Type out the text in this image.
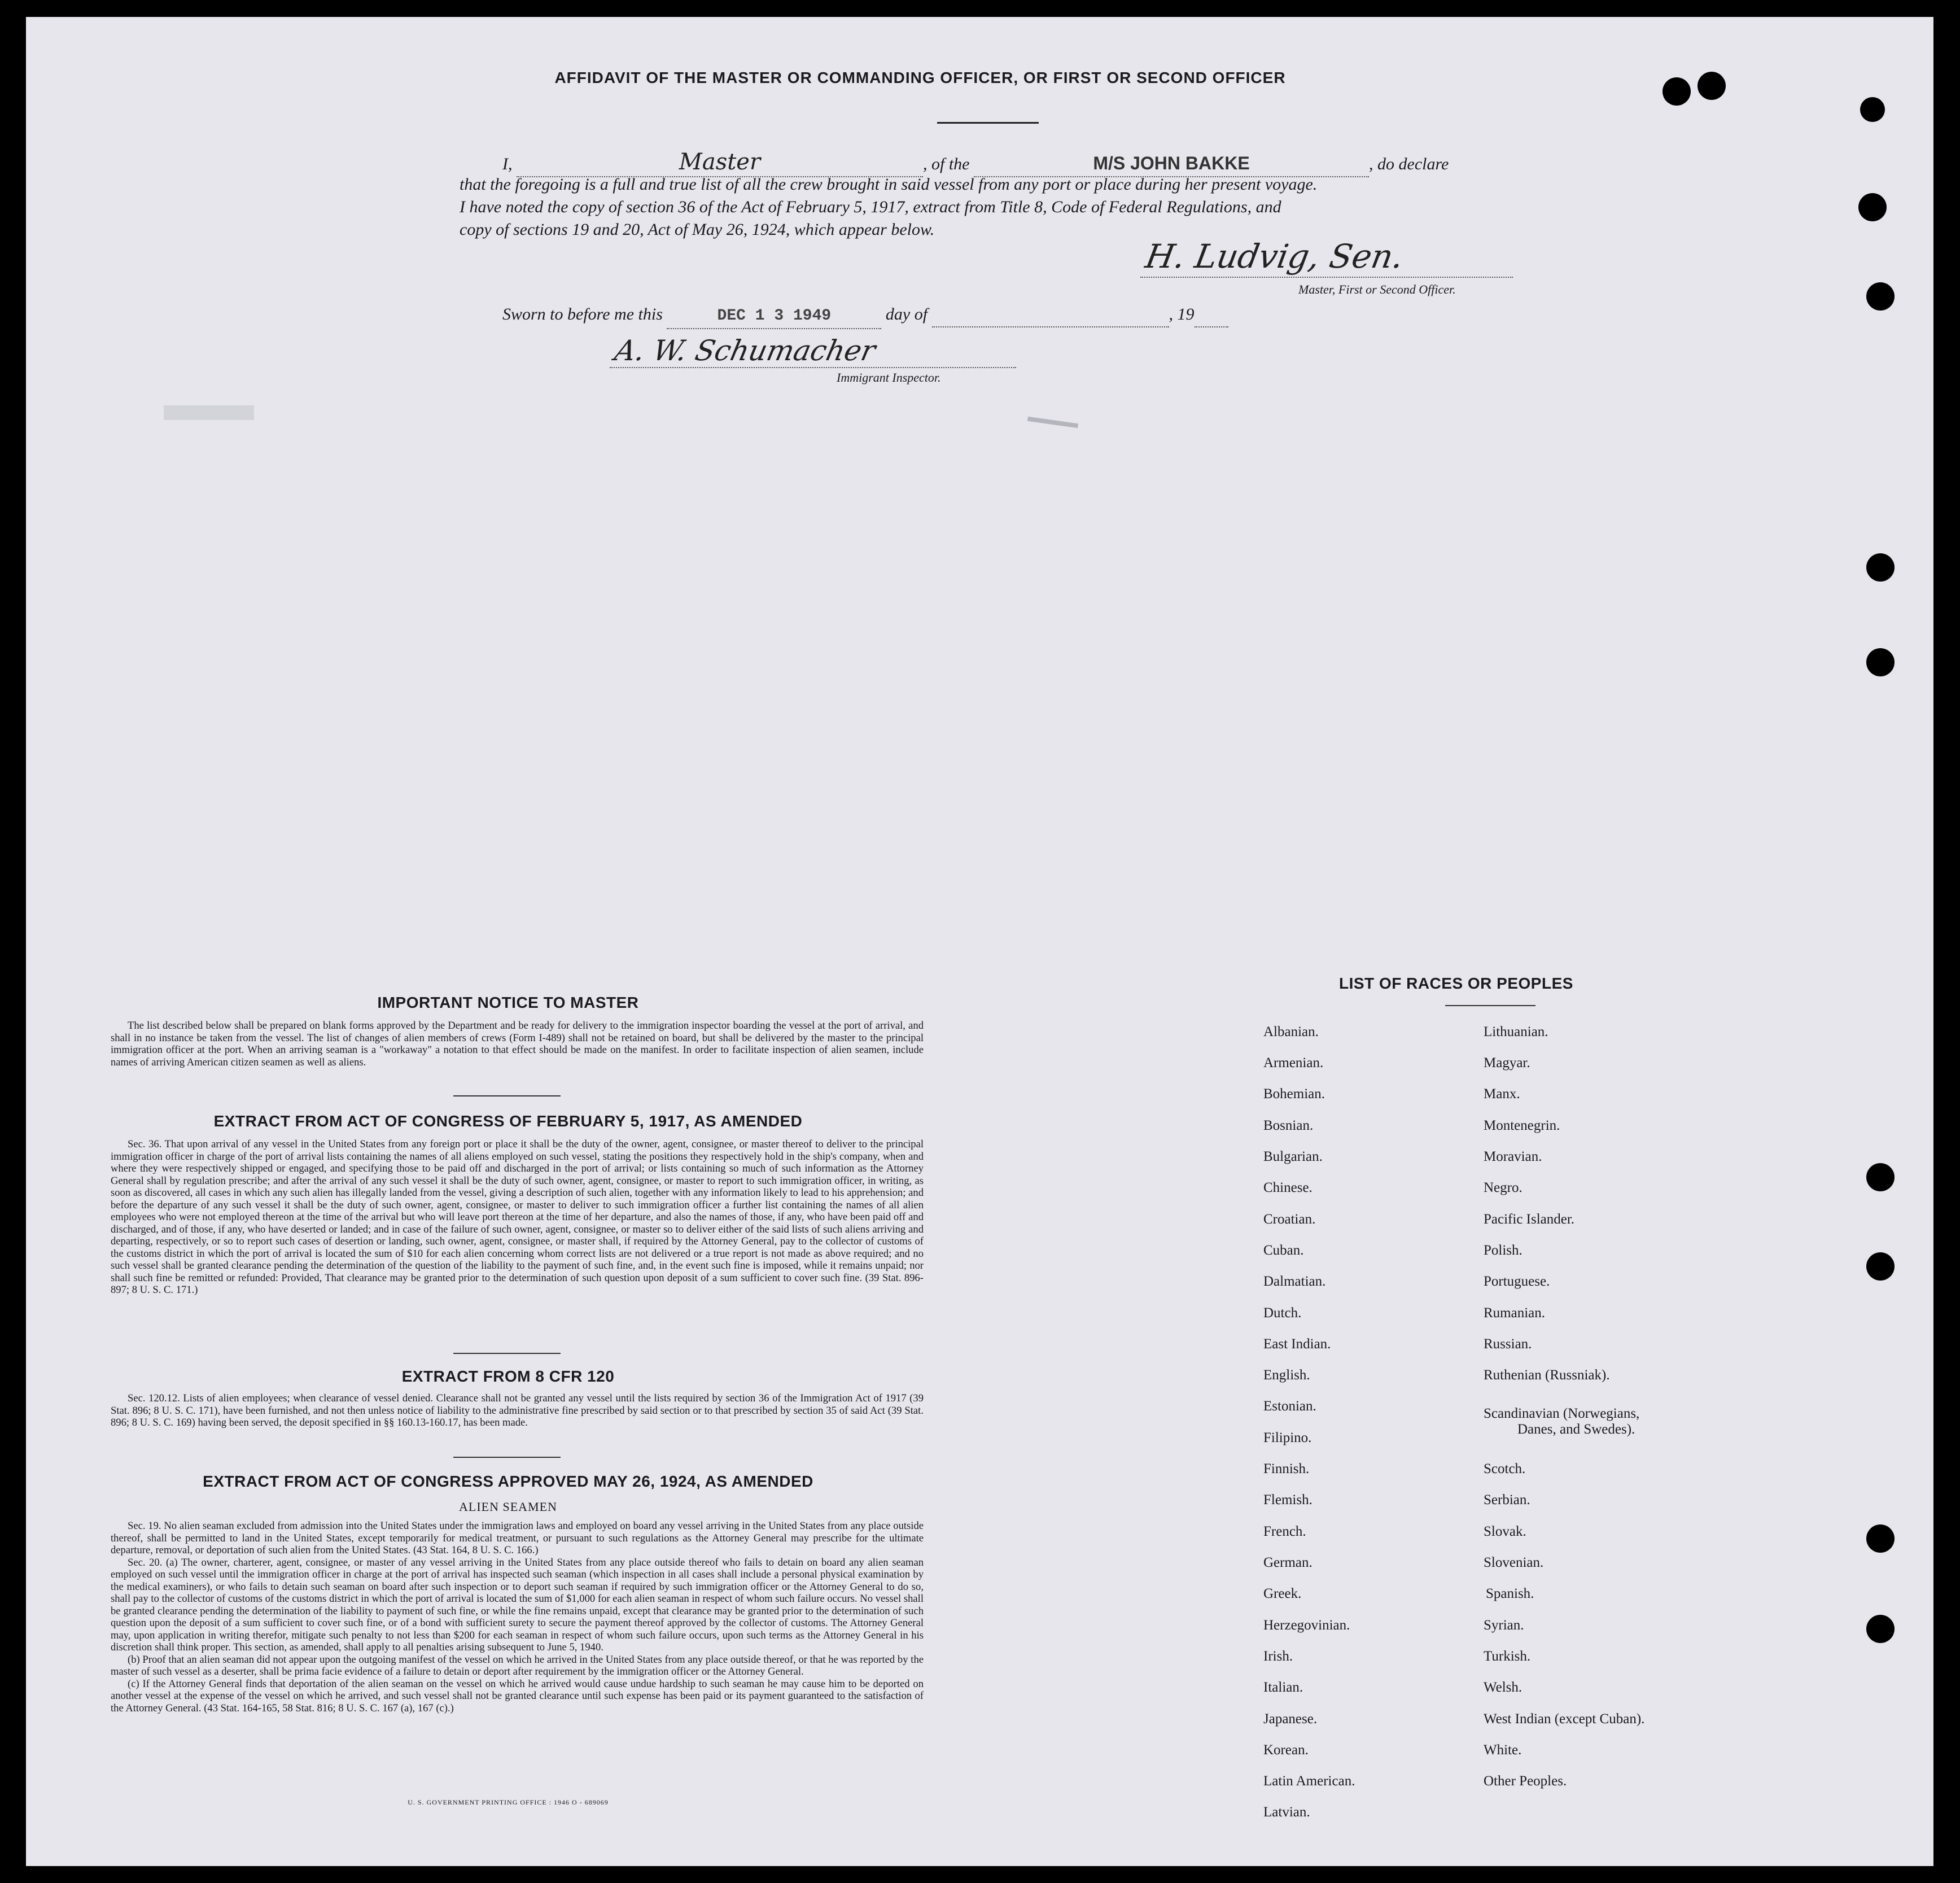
AFFIDAVIT OF THE MASTER OR COMMANDING OFFICER, OR FIRST OR SECOND OFFICER
I,	Master	, of the	M/S JOHN BAKKE	, do declare
that the foregoing is a full and true list of all the crew brought in said vessel from any port or place during her present voyage.
I have noted the copy of section 36 of the Act of February 5, 1917, extract from Title 8, Code of Federal Regulations, and
copy of sections 19 and 20, Act of May 26, 1924, which appear below.
H. Ludvig, Sen.
Master, First or Second Officer.
Sworn to before me this	DEC 1 3 1949	day of	, 19
A. W. Schumacher
Immigrant Inspector.
IMPORTANT NOTICE TO MASTER

The list described below shall be prepared on blank forms approved by the Department and be ready for delivery to the immigration inspector boarding the vessel at the port of arrival, and shall in no instance be taken from the vessel. The list of changes of alien members of crews (Form I-489) shall not be retained on board, but shall be delivered by the master to the principal immigration officer at the port. When an arriving seaman is a "workaway" a notation to that effect should be made on the manifest. In order to facilitate inspection of alien seamen, include names of arriving American citizen seamen as well as aliens.

EXTRACT FROM ACT OF CONGRESS OF FEBRUARY 5, 1917, AS AMENDED

Sec. 36. That upon arrival of any vessel in the United States from any foreign port or place it shall be the duty of the owner, agent, consignee, or master thereof to deliver to the principal immigration officer in charge of the port of arrival lists containing the names of all aliens employed on such vessel, stating the positions they respectively hold in the ship's company, when and where they were respectively shipped or engaged, and specifying those to be paid off and discharged in the port of arrival; or lists containing so much of such information as the Attorney General shall by regulation prescribe; and after the arrival of any such vessel it shall be the duty of such owner, agent, consignee, or master to report to such immigration officer, in writing, as soon as discovered, all cases in which any such alien has illegally landed from the vessel, giving a description of such alien, together with any information likely to lead to his apprehension; and before the departure of any such vessel it shall be the duty of such owner, agent, consignee, or master to deliver to such immigration officer a further list containing the names of all alien employees who were not employed thereon at the time of the arrival but who will leave port thereon at the time of her departure, and also the names of those, if any, who have been paid off and discharged, and of those, if any, who have deserted or landed; and in case of the failure of such owner, agent, consignee, or master so to deliver either of the said lists of such aliens arriving and departing, respectively, or so to report such cases of desertion or landing, such owner, agent, consignee, or master shall, if required by the Attorney General, pay to the collector of customs of the customs district in which the port of arrival is located the sum of $10 for each alien concerning whom correct lists are not delivered or a true report is not made as above required; and no such vessel shall be granted clearance pending the determination of the question of the liability to the payment of such fine, and, in the event such fine is imposed, while it remains unpaid; nor shall such fine be remitted or refunded: Provided, That clearance may be granted prior to the determination of such question upon deposit of a sum sufficient to cover such fine. (39 Stat. 896-897; 8 U. S. C. 171.)

EXTRACT FROM 8 CFR 120

Sec. 120.12. Lists of alien employees; when clearance of vessel denied. Clearance shall not be granted any vessel until the lists required by section 36 of the Immigration Act of 1917 (39 Stat. 896; 8 U. S. C. 171), have been furnished, and not then unless notice of liability to the administrative fine prescribed by said section or to that prescribed by section 35 of said Act (39 Stat. 896; 8 U. S. C. 169) having been served, the deposit specified in §§ 160.13-160.17, has been made.

EXTRACT FROM ACT OF CONGRESS APPROVED MAY 26, 1924, AS AMENDED
ALIEN SEAMEN

Sec. 19. No alien seaman excluded from admission into the United States under the immigration laws and employed on board any vessel arriving in the United States from any place outside thereof, shall be permitted to land in the United States, except temporarily for medical treatment, or pursuant to such regulations as the Attorney General may prescribe for the ultimate departure, removal, or deportation of such alien from the United States. (43 Stat. 164, 8 U. S. C. 166.)

Sec. 20. (a) The owner, charterer, agent, consignee, or master of any vessel arriving in the United States from any place outside thereof who fails to detain on board any alien seaman employed on such vessel until the immigration officer in charge at the port of arrival has inspected such seaman (which inspection in all cases shall include a personal physical examination by the medical examiners), or who fails to detain such seaman on board after such inspection or to deport such seaman if required by such immigration officer or the Attorney General to do so, shall pay to the collector of customs of the customs district in which the port of arrival is located the sum of $1,000 for each alien seaman in respect of whom such failure occurs. No vessel shall be granted clearance pending the determination of the liability to payment of such fine, or while the fine remains unpaid, except that clearance may be granted prior to the determination of such question upon the deposit of a sum sufficient to cover such fine, or of a bond with sufficient surety to secure the payment thereof approved by the collector of customs. The Attorney General may, upon application in writing therefor, mitigate such penalty to not less than $200 for each seaman in respect of whom such failure occurs, upon such terms as the Attorney General in his discretion shall think proper. This section, as amended, shall apply to all penalties arising subsequent to June 5, 1940.

(b) Proof that an alien seaman did not appear upon the outgoing manifest of the vessel on which he arrived in the United States from any place outside thereof, or that he was reported by the master of such vessel as a deserter, shall be prima facie evidence of a failure to detain or deport after requirement by the immigration officer or the Attorney General.

(c) If the Attorney General finds that deportation of the alien seaman on the vessel on which he arrived would cause undue hardship to such seaman he may cause him to be deported on another vessel at the expense of the vessel on which he arrived, and such vessel shall not be granted clearance until such expense has been paid or its payment guaranteed to the satisfaction of the Attorney General. (43 Stat. 164-165, 58 Stat. 816; 8 U. S. C. 167 (a), 167 (c).)

U. S. GOVERNMENT PRINTING OFFICE : 1946 O - 689069
LIST OF RACES OR PEOPLES
Albanian.
Armenian.
Bohemian.
Bosnian.
Bulgarian.
Chinese.
Croatian.
Cuban.
Dalmatian.
Dutch.
East Indian.
English.
Estonian.
Filipino.
Finnish.
Flemish.
French.
German.
Greek.
Herzegovinian.
Irish.
Italian.
Japanese.
Korean.
Latin American.
Latvian.
Lithuanian.
Magyar.
Manx.
Montenegrin.
Moravian.
Negro.
Pacific Islander.
Polish.
Portuguese.
Rumanian.
Russian.
Ruthenian (Russniak).
Scandinavian (Norwegians,
Danes, and Swedes).
Scotch.
Serbian.
Slovak.
Slovenian.
Spanish.
Syrian.
Turkish.
Welsh.
West Indian (except Cuban).
White.
Other Peoples.
